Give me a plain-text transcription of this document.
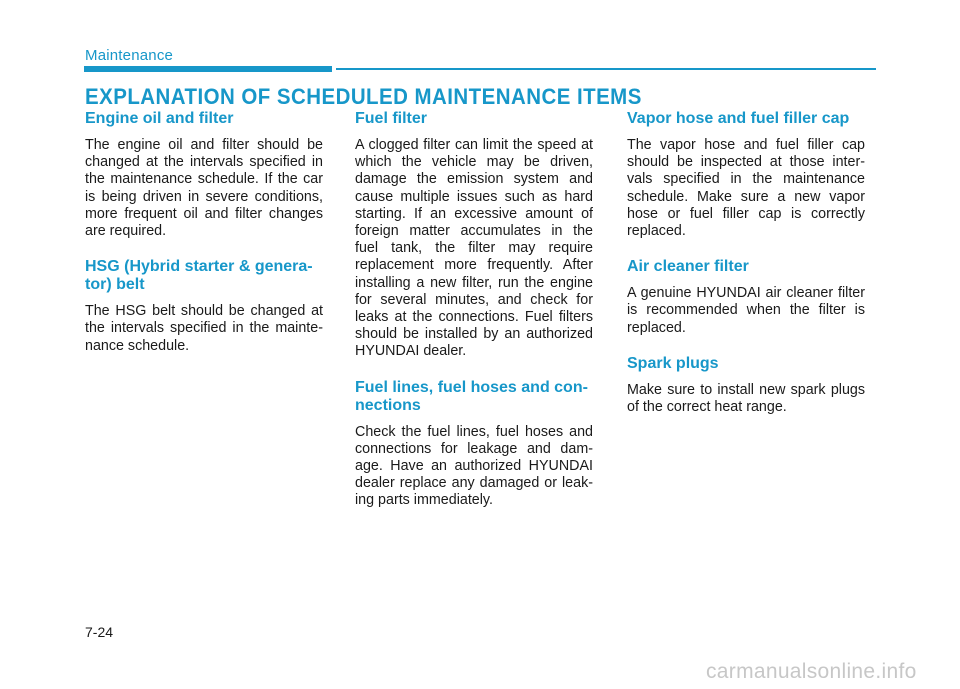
Maintenance
EXPLANATION OF SCHEDULED MAINTENANCE ITEMS
Engine oil and filter

The engine oil and filter should be changed at the intervals specified in the maintenance schedule. If the car is being driven in severe conditions, more frequent oil and filter changes are required.

HSG (Hybrid starter & genera-tor) belt

The HSG belt should be changed at the intervals specified in the mainte-nance schedule.

Fuel filter

A clogged filter can limit the speed at which the vehicle may be driven, damage the emission system and cause multiple issues such as hard starting. If an excessive amount of foreign matter accumulates in the fuel tank, the filter may require replacement more frequently. After installing a new filter, run the engine for several minutes, and check for leaks at the connections. Fuel filters should be installed by an authorized HYUNDAI dealer.

Fuel lines, fuel hoses and con-nections

Check the fuel lines, fuel hoses and connections for leakage and dam-age. Have an authorized HYUNDAI dealer replace any damaged or leak-ing parts immediately.

Vapor hose and fuel filler cap

The vapor hose and fuel filler cap should be inspected at those inter-vals specified in the maintenance schedule. Make sure a new vapor hose or fuel filler cap is correctly replaced.

Air cleaner filter

A genuine HYUNDAI air cleaner filter is recommended when the filter is replaced.

Spark plugs

Make sure to install new spark plugs of the correct heat range.

7-24
carmanualsonline.info
